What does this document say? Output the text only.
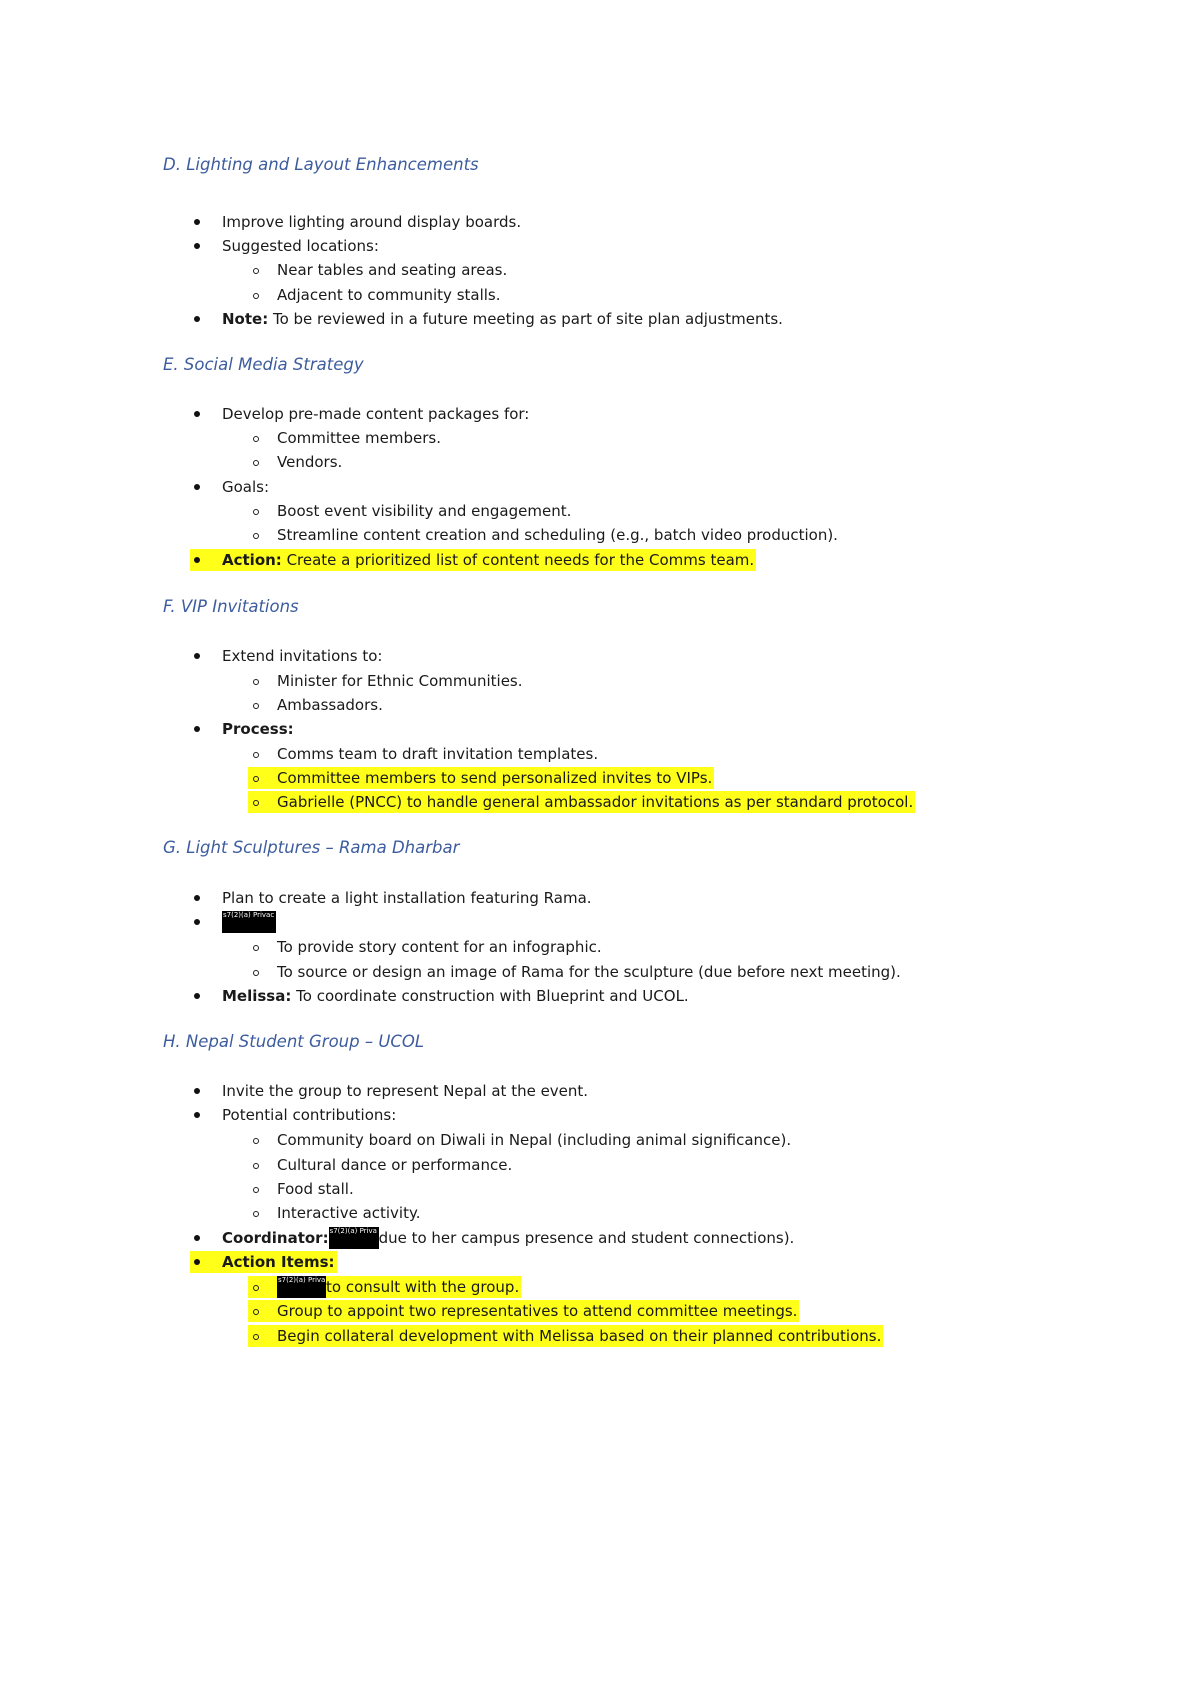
D. Lighting and Layout Enhancements
Improve lighting around display boards.
Suggested locations:
Near tables and seating areas.
Adjacent to community stalls.
Note: To be reviewed in a future meeting as part of site plan adjustments.
E. Social Media Strategy
Develop pre-made content packages for:
Committee members.
Vendors.
Goals:
Boost event visibility and engagement.
Streamline content creation and scheduling (e.g., batch video production).
Action: Create a prioritized list of content needs for the Comms team.
F. VIP Invitations
Extend invitations to:
Minister for Ethnic Communities.
Ambassadors.
Process:
Comms team to draft invitation templates.
Committee members to send personalized invites to VIPs.
Gabrielle (PNCC) to handle general ambassador invitations as per standard protocol.
G. Light Sculptures – Rama Dharbar
Plan to create a light installation featuring Rama.
s7(2)(a) Privac
To provide story content for an infographic.
To source or design an image of Rama for the sculpture (due before next meeting).
Melissa: To coordinate construction with Blueprint and UCOL.
H. Nepal Student Group – UCOL
Invite the group to represent Nepal at the event.
Potential contributions:
Community board on Diwali in Nepal (including animal significance).
Cultural dance or performance.
Food stall.
Interactive activity.
Coordinator: s7(2)(a) Priva due to her campus presence and student connections).
Action Items:
s7(2)(a) Priva to consult with the group.
Group to appoint two representatives to attend committee meetings.
Begin collateral development with Melissa based on their planned contributions.
